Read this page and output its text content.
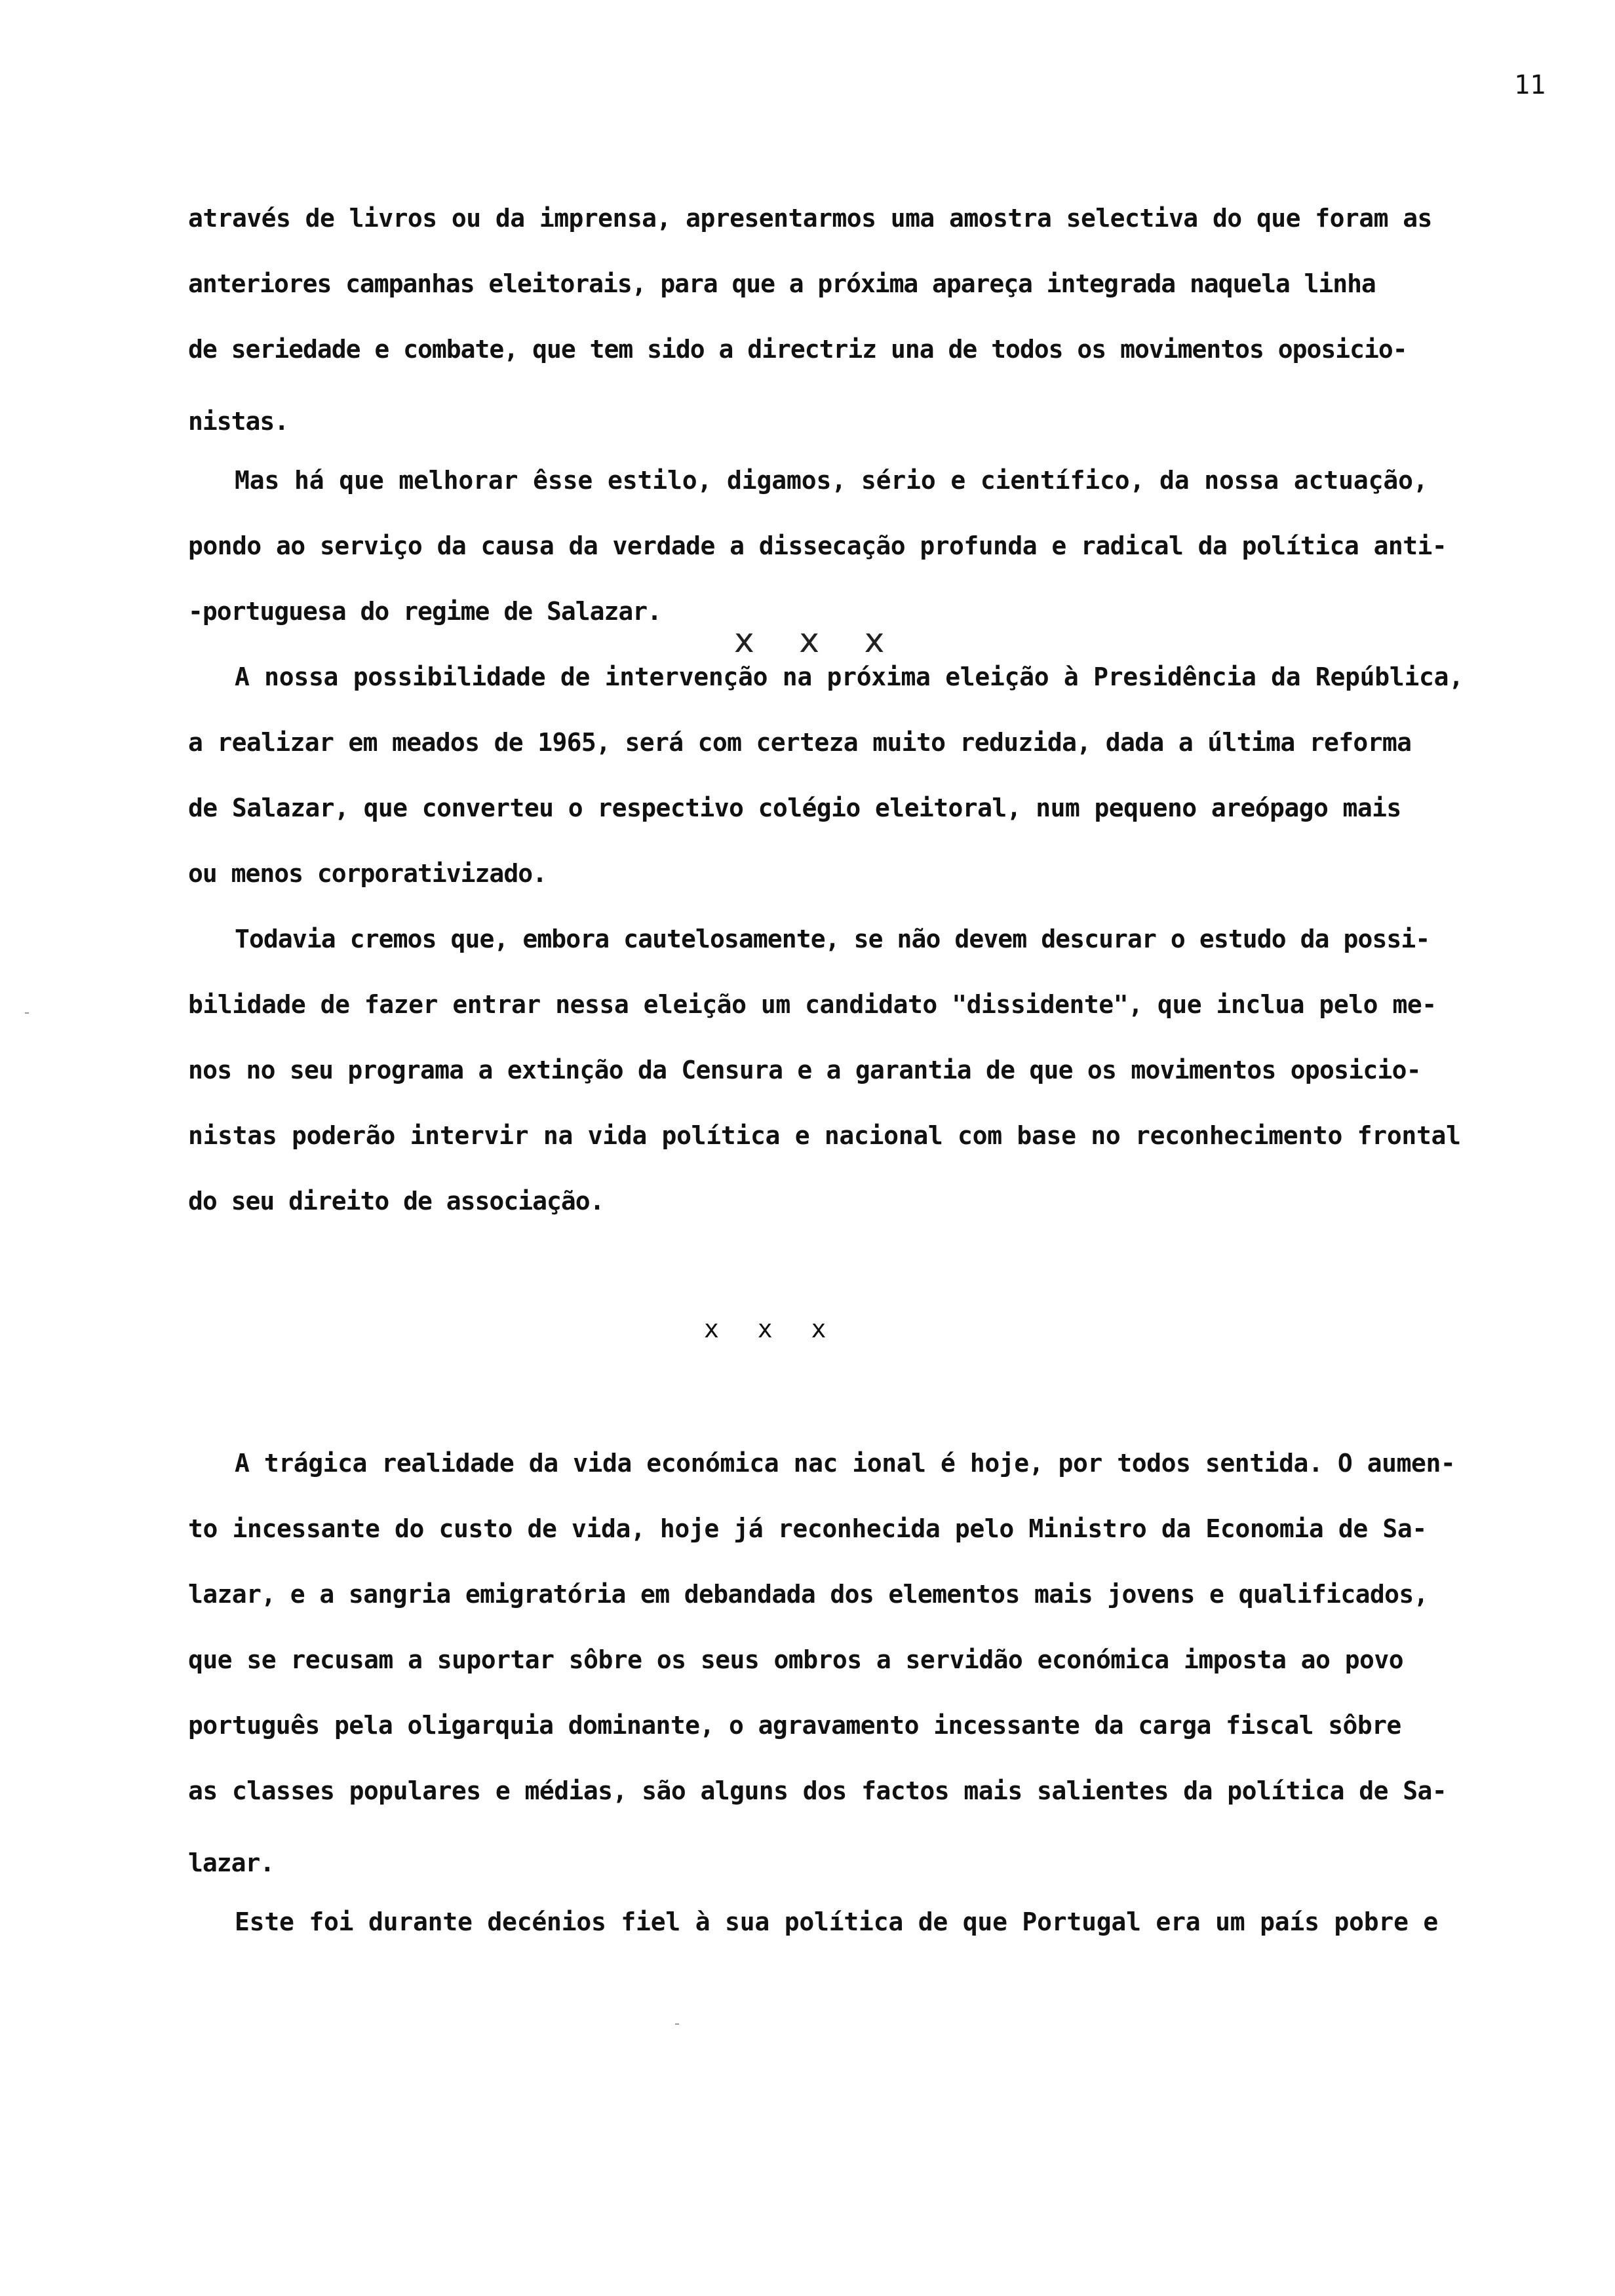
11
através de livros ou da imprensa, apresentarmos uma amostra selectiva do que foram as
anteriores campanhas eleitorais, para que a próxima apareça integrada naquela linha
de seriedade e combate, que tem sido a directriz una de todos os movimentos oposicio-
nistas.
Mas há que melhorar êsse estilo, digamos, sério e científico, da nossa actuação,
pondo ao serviço da causa da verdade a dissecação profunda e radical da política anti-
-portuguesa do regime de Salazar.
x x x
A nossa possibilidade de intervenção na próxima eleição à Presidência da República,
a realizar em meados de 1965, será com certeza muito reduzida, dada a última reforma
de Salazar, que converteu o respectivo colégio eleitoral, num pequeno areópago mais
ou menos corporativizado.
Todavia cremos que, embora cautelosamente, se não devem descurar o estudo da possi-
bilidade de fazer entrar nessa eleição um candidato "dissidente", que inclua pelo me-
nos no seu programa a extinção da Censura e a garantia de que os movimentos oposicio-
nistas poderão intervir na vida política e nacional com base no reconhecimento frontal
do seu direito de associação.
x x x
A trágica realidade da vida económica nac ional é hoje, por todos sentida. O aumen-
to incessante do custo de vida, hoje já reconhecida pelo Ministro da Economia de Sa-
lazar, e a sangria emigratória em debandada dos elementos mais jovens e qualificados,
que se recusam a suportar sôbre os seus ombros a servidão económica imposta ao povo
português pela oligarquia dominante, o agravamento incessante da carga fiscal sôbre
as classes populares e médias, são alguns dos factos mais salientes da política de Sa-
lazar.
Este foi durante decénios fiel à sua política de que Portugal era um país pobre e
